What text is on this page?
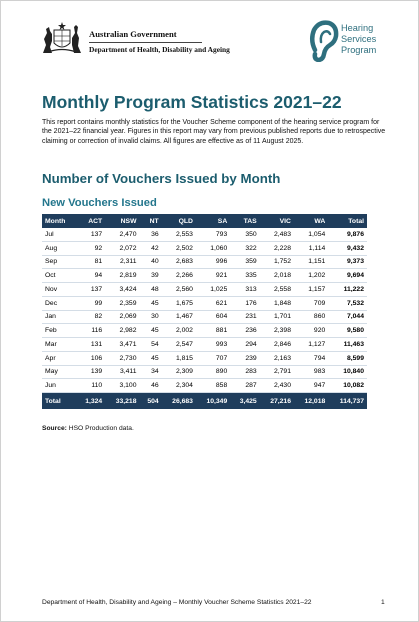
Australian Government
Department of Health, Disability and Ageing
Hearing
Services
Program
Monthly Program Statistics 2021–22

This report contains monthly statistics for the Voucher Scheme component of the hearing service program for the 2021–22 financial year. Figures in this report may vary from previous published reports due to retrospective claiming or correction of invalid claims. All figures are effective as of 11 August 2025.

Number of Vouchers Issued by Month
New Vouchers Issued
Month	ACT	NSW	NT	QLD	SA	TAS	VIC	WA	Total
Jul	137	2,470	36	2,553	793	350	2,483	1,054	9,876
Aug	92	2,072	42	2,502	1,060	322	2,228	1,114	9,432
Sep	81	2,311	40	2,683	996	359	1,752	1,151	9,373
Oct	94	2,819	39	2,266	921	335	2,018	1,202	9,694
Nov	137	3,424	48	2,560	1,025	313	2,558	1,157	11,222
Dec	99	2,359	45	1,675	621	176	1,848	709	7,532
Jan	82	2,069	30	1,467	604	231	1,701	860	7,044
Feb	116	2,982	45	2,002	881	236	2,398	920	9,580
Mar	131	3,471	54	2,547	993	294	2,846	1,127	11,463
Apr	106	2,730	45	1,815	707	239	2,163	794	8,599
May	139	3,411	34	2,309	890	283	2,791	983	10,840
Jun	110	3,100	46	2,304	858	287	2,430	947	10,082
Total	1,324	33,218	504	26,683	10,349	3,425	27,216	12,018	114,737

Source: HSO Production data.

Department of Health, Disability and Ageing – Monthly Voucher Scheme Statistics 2021–22	1
